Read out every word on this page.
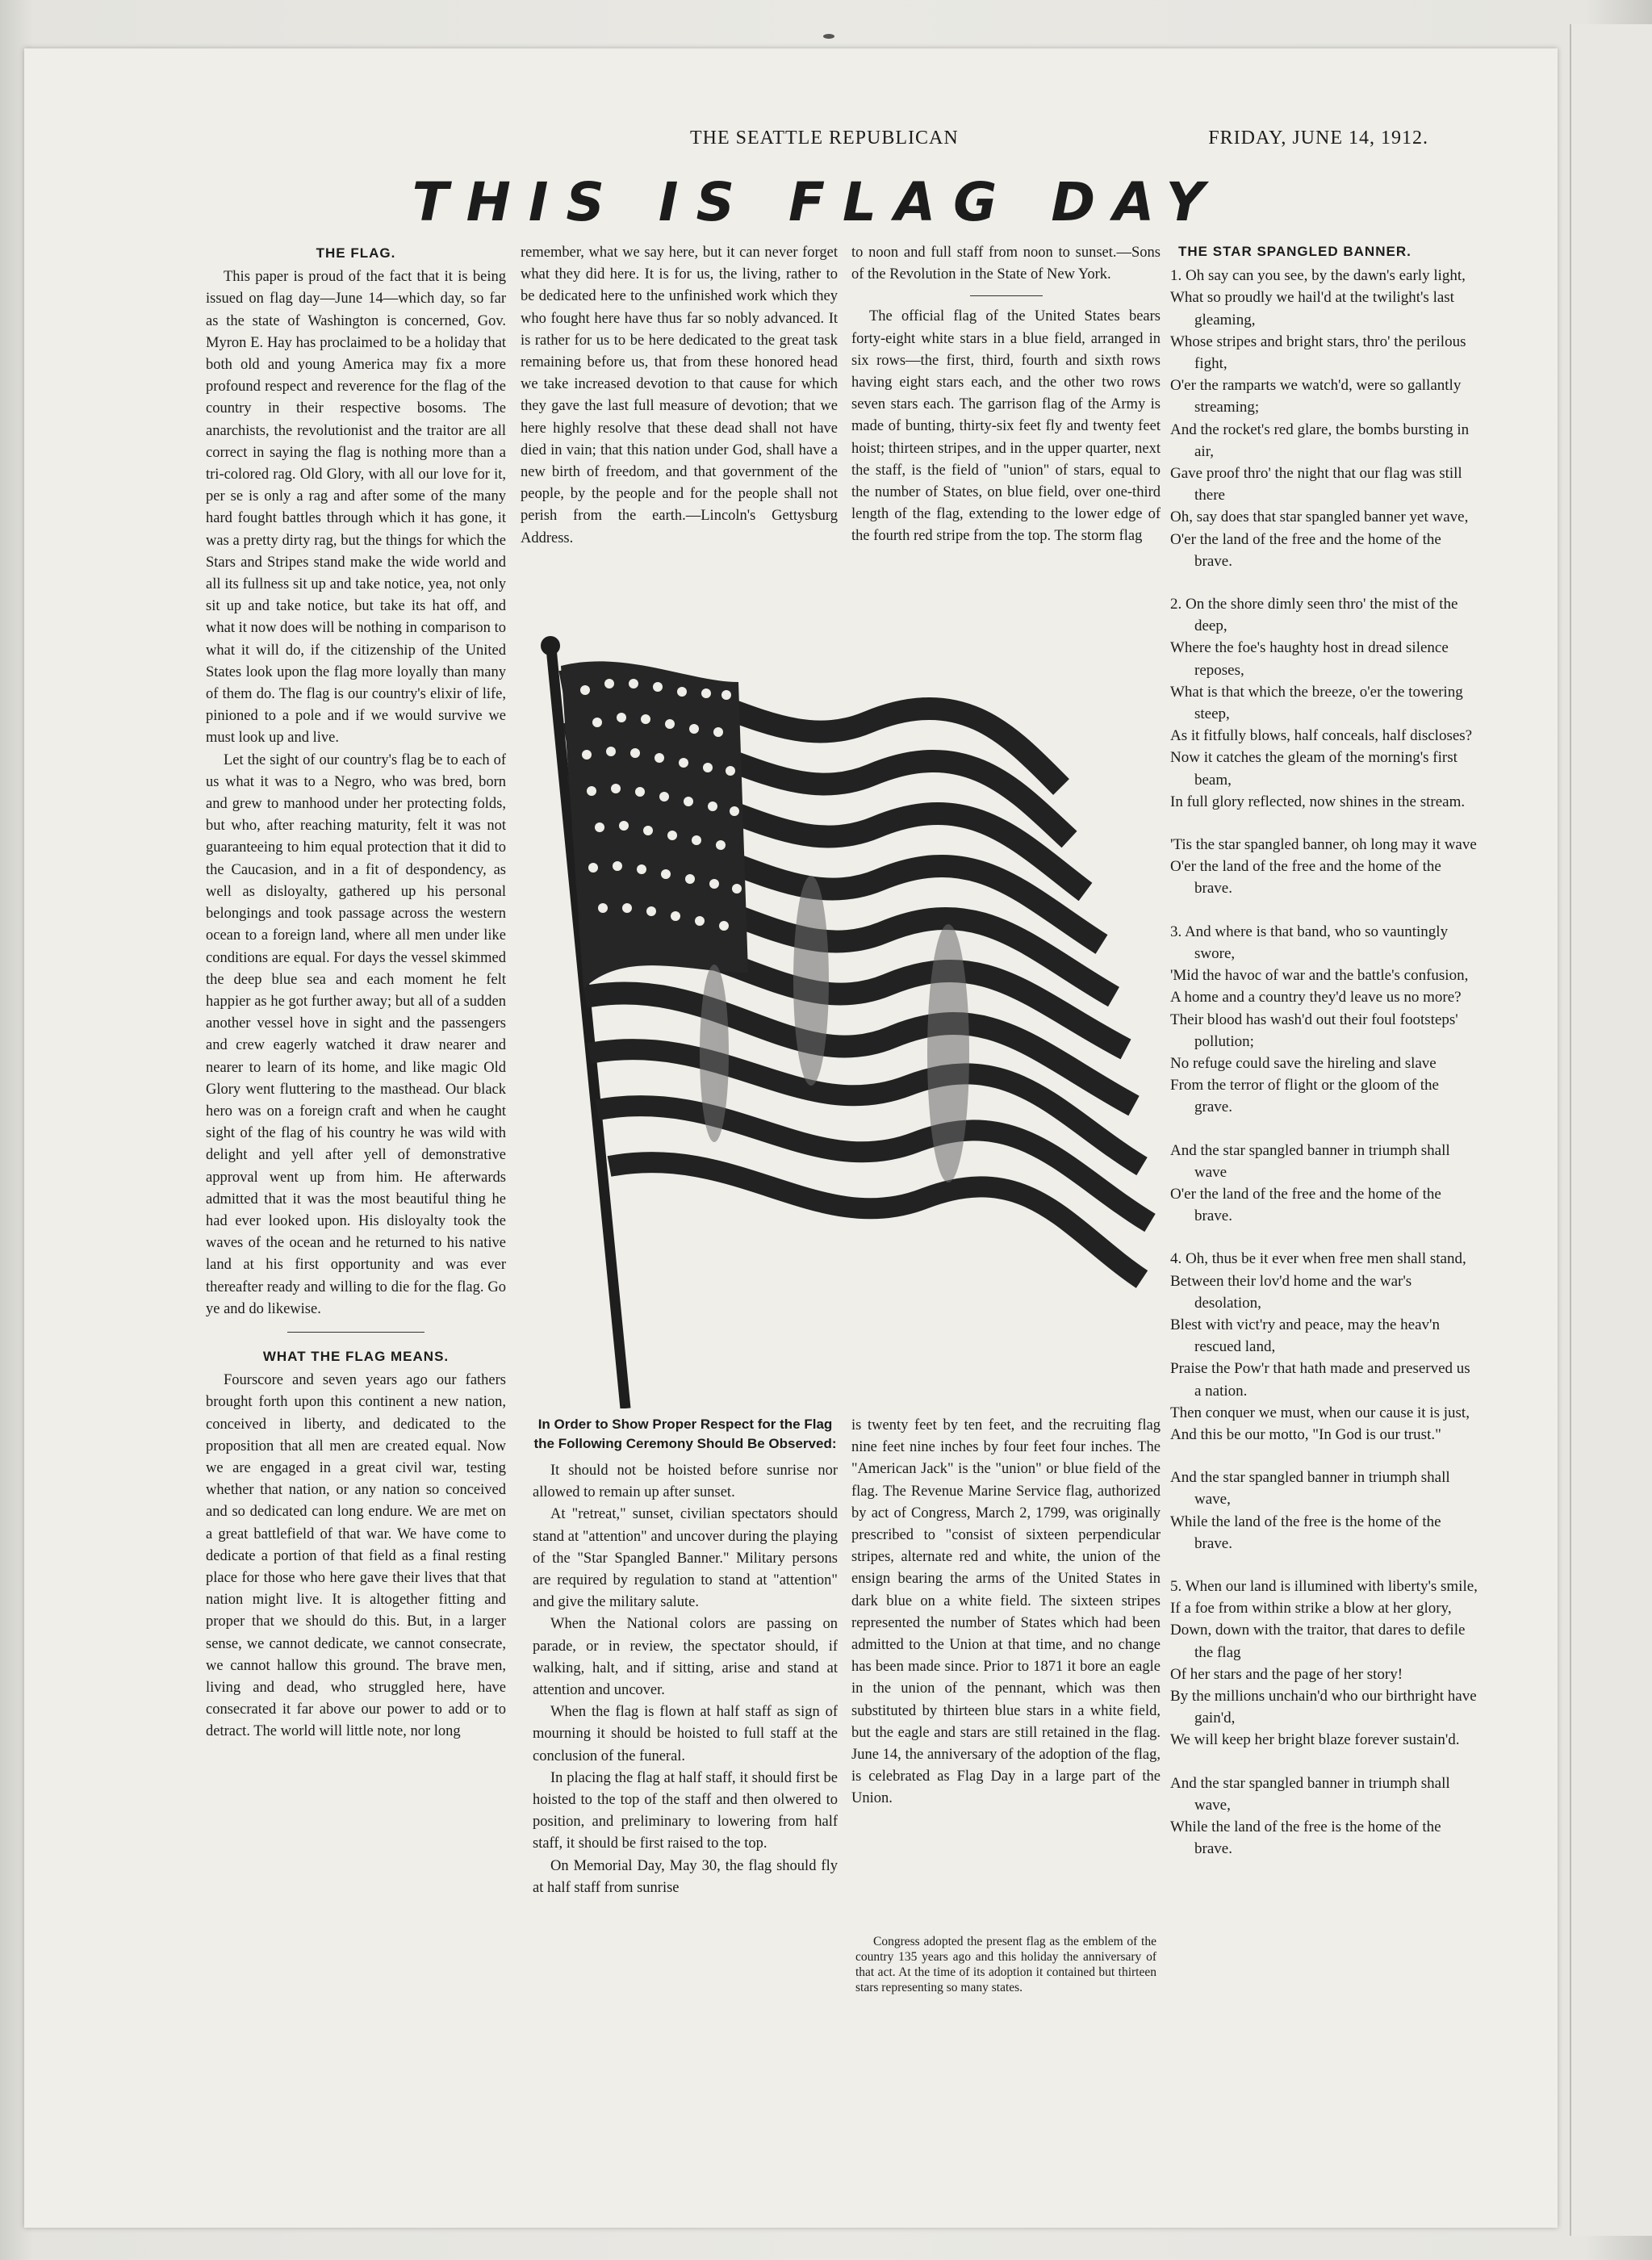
THE SEATTLE REPUBLICAN	FRIDAY, JUNE 14, 1912.
THIS IS FLAG DAY
THE FLAG.

This paper is proud of the fact that it is being issued on flag day—June 14—which day, so far as the state of Washington is concerned, Gov. Myron E. Hay has proclaimed to be a holiday that both old and young America may fix a more profound respect and reverence for the flag of the country in their respective bosoms. The anarchists, the revolutionist and the traitor are all correct in saying the flag is nothing more than a tri-colored rag. Old Glory, with all our love for it, per se is only a rag and after some of the many hard fought battles through which it has gone, it was a pretty dirty rag, but the things for which the Stars and Stripes stand make the wide world and all its fullness sit up and take notice, yea, not only sit up and take notice, but take its hat off, and what it now does will be nothing in comparison to what it will do, if the citizenship of the United States look upon the flag more loyally than many of them do. The flag is our country's elixir of life, pinioned to a pole and if we would survive we must look up and live.

Let the sight of our country's flag be to each of us what it was to a Negro, who was bred, born and grew to manhood under her protecting folds, but who, after reaching maturity, felt it was not guaranteeing to him equal protection that it did to the Caucasion, and in a fit of despondency, as well as disloyalty, gathered up his personal belongings and took passage across the western ocean to a foreign land, where all men under like conditions are equal. For days the vessel skimmed the deep blue sea and each moment he felt happier as he got further away; but all of a sudden another vessel hove in sight and the passengers and crew eagerly watched it draw nearer and nearer to learn of its home, and like magic Old Glory went fluttering to the masthead. Our black hero was on a foreign craft and when he caught sight of the flag of his country he was wild with delight and yell after yell of demonstrative approval went up from him. He afterwards admitted that it was the most beautiful thing he had ever looked upon. His disloyalty took the waves of the ocean and he returned to his native land at his first opportunity and was ever thereafter ready and willing to die for the flag. Go ye and do likewise.

WHAT THE FLAG MEANS.

Fourscore and seven years ago our fathers brought forth upon this continent a new nation, conceived in liberty, and dedicated to the proposition that all men are created equal. Now we are engaged in a great civil war, testing whether that nation, or any nation so conceived and so dedicated can long endure. We are met on a great battlefield of that war. We have come to dedicate a portion of that field as a final resting place for those who here gave their lives that that nation might live. It is altogether fitting and proper that we should do this. But, in a larger sense, we cannot dedicate, we cannot consecrate, we cannot hallow this ground. The brave men, living and dead, who struggled here, have consecrated it far above our power to add or to detract. The world will little note, nor long

remember, what we say here, but it can never forget what they did here. It is for us, the living, rather to be dedicated here to the unfinished work which they who fought here have thus far so nobly advanced. It is rather for us to be here dedicated to the great task remaining before us, that from these honored head we take increased devotion to that cause for which they gave the last full measure of devotion; that we here highly resolve that these dead shall not have died in vain; that this nation under God, shall have a new birth of freedom, and that government of the people, by the people and for the people shall not perish from the earth.—Lincoln's Gettysburg Address.

to noon and full staff from noon to sunset.—Sons of the Revolution in the State of New York.

The official flag of the United States bears forty-eight white stars in a blue field, arranged in six rows—the first, third, fourth and sixth rows having eight stars each, and the other two rows seven stars each. The garrison flag of the Army is made of bunting, thirty-six feet fly and twenty feet hoist; thirteen stripes, and in the upper quarter, next the staff, is the field of "union" of stars, equal to the number of States, on blue field, over one-third length of the flag, extending to the lower edge of the fourth red stripe from the top. The storm flag

In Order to Show Proper Respect for the Flag the Following Ceremony Should Be Observed:

It should not be hoisted before sunrise nor allowed to remain up after sunset.

At "retreat," sunset, civilian spectators should stand at "attention" and uncover during the playing of the "Star Spangled Banner." Military persons are required by regulation to stand at "attention" and give the military salute.

When the National colors are passing on parade, or in review, the spectator should, if walking, halt, and if sitting, arise and stand at attention and uncover.

When the flag is flown at half staff as sign of mourning it should be hoisted to full staff at the conclusion of the funeral.

In placing the flag at half staff, it should first be hoisted to the top of the staff and then olwered to position, and preliminary to lowering from half staff, it should be first raised to the top.

On Memorial Day, May 30, the flag should fly at half staff from sunrise

is twenty feet by ten feet, and the recruiting flag nine feet nine inches by four feet four inches. The "American Jack" is the "union" or blue field of the flag. The Revenue Marine Service flag, authorized by act of Congress, March 2, 1799, was originally prescribed to "consist of sixteen perpendicular stripes, alternate red and white, the union of the ensign bearing the arms of the United States in dark blue on a white field. The sixteen stripes represented the number of States which had been admitted to the Union at that time, and no change has been made since. Prior to 1871 it bore an eagle in the union of the pennant, which was then substituted by thirteen blue stars in a white field, but the eagle and stars are still retained in the flag. June 14, the anniversary of the adoption of the flag, is celebrated as Flag Day in a large part of the Union.

Congress adopted the present flag as the emblem of the country 135 years ago and this holiday the anniversary of that act. At the time of its adoption it contained but thirteen stars representing so many states.

THE STAR SPANGLED BANNER.
1. Oh say can you see, by the dawn's early light,
What so proudly we hail'd at the twilight's last gleaming,
Whose stripes and bright stars, thro' the perilous fight,
O'er the ramparts we watch'd, were so gallantly streaming;
And the rocket's red glare, the bombs bursting in air,
Gave proof thro' the night that our flag was still there
Oh, say does that star spangled banner yet wave,
O'er the land of the free and the home of the brave.
2. On the shore dimly seen thro' the mist of the deep,
Where the foe's haughty host in dread silence reposes,
What is that which the breeze, o'er the towering steep,
As it fitfully blows, half conceals, half discloses?
Now it catches the gleam of the morning's first beam,
In full glory reflected, now shines in the stream.
'Tis the star spangled banner, oh long may it wave
O'er the land of the free and the home of the brave.
3. And where is that band, who so vauntingly swore,
'Mid the havoc of war and the battle's confusion,
A home and a country they'd leave us no more?
Their blood has wash'd out their foul footsteps' pollution;
No refuge could save the hireling and slave
From the terror of flight or the gloom of the grave.
And the star spangled banner in triumph shall wave
O'er the land of the free and the home of the brave.
4. Oh, thus be it ever when free men shall stand,
Between their lov'd home and the war's desolation,
Blest with vict'ry and peace, may the heav'n rescued land,
Praise the Pow'r that hath made and preserved us a nation.
Then conquer we must, when our cause it is just,
And this be our motto, "In God is our trust."
And the star spangled banner in triumph shall wave,
While the land of the free is the home of the brave.
5. When our land is illumined with liberty's smile,
If a foe from within strike a blow at her glory,
Down, down with the traitor, that dares to defile the flag
Of her stars and the page of her story!
By the millions unchain'd who our birthright have gain'd,
We will keep her bright blaze forever sustain'd.
And the star spangled banner in triumph shall wave,
While the land of the free is the home of the brave.
